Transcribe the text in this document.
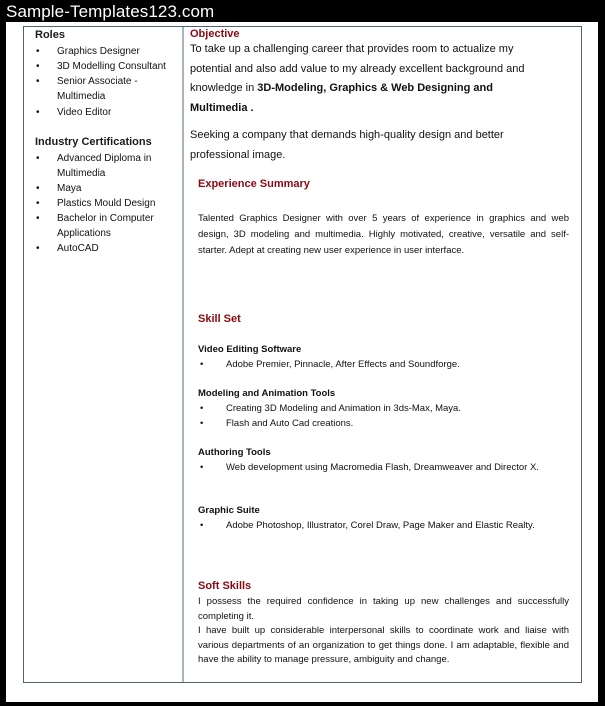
Sample-Templates123.com
Roles
• Graphics Designer
• 3D Modelling Consultant
• Senior Associate - Multimedia
• Video Editor
Industry Certifications
• Advanced Diploma in Multimedia
• Maya
• Plastics Mould Design
• Bachelor in Computer Applications
• AutoCAD
Objective
To take up a challenging career that provides room to actualize my potential and also add value to my already excellent background and knowledge in 3D-Modeling, Graphics & Web Designing and Multimedia .
Seeking a company that demands high-quality design and better professional image.
Experience Summary
Talented Graphics Designer with over 5 years of experience in graphics and web design, 3D modeling and multimedia. Highly motivated, creative, versatile and self-starter. Adept at creating new user experience in user interface.
Skill Set
Video Editing Software
• Adobe Premier, Pinnacle, After Effects and Soundforge.
Modeling and Animation Tools
• Creating 3D Modeling and Animation in 3ds-Max, Maya.
• Flash and Auto Cad creations.
Authoring Tools
• Web development using Macromedia Flash, Dreamweaver and Director X.
Graphic Suite
• Adobe Photoshop, Illustrator, Corel Draw, Page Maker and Elastic Realty.
Soft Skills
I possess the required confidence in taking up new challenges and successfully completing it.
I have built up considerable interpersonal skills to coordinate work and liaise with various departments of an organization to get things done. I am adaptable, flexible and have the ability to manage pressure, ambiguity and change.
